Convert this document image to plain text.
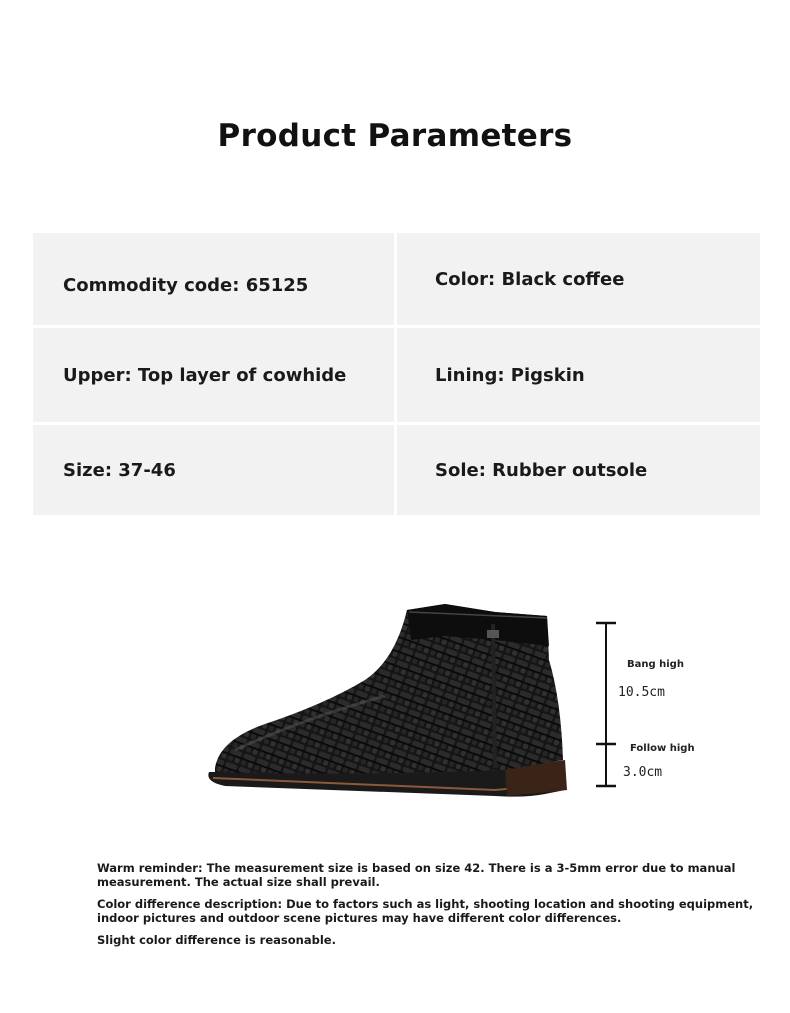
Product Parameters
Commodity code: 65125	Color: Black coffee
Upper: Top layer of cowhide	Lining: Pigskin
Size: 37-46	Sole: Rubber outsole
Bang high
10.5cm
Follow high
3.0cm

Warm reminder: The measurement size is based on size 42. There is a 3-5mm error due to manual measurement. The actual size shall prevail.

Color difference description: Due to factors such as light, shooting location and shooting equipment, indoor pictures and outdoor scene pictures may have different color differences.

Slight color difference is reasonable.
